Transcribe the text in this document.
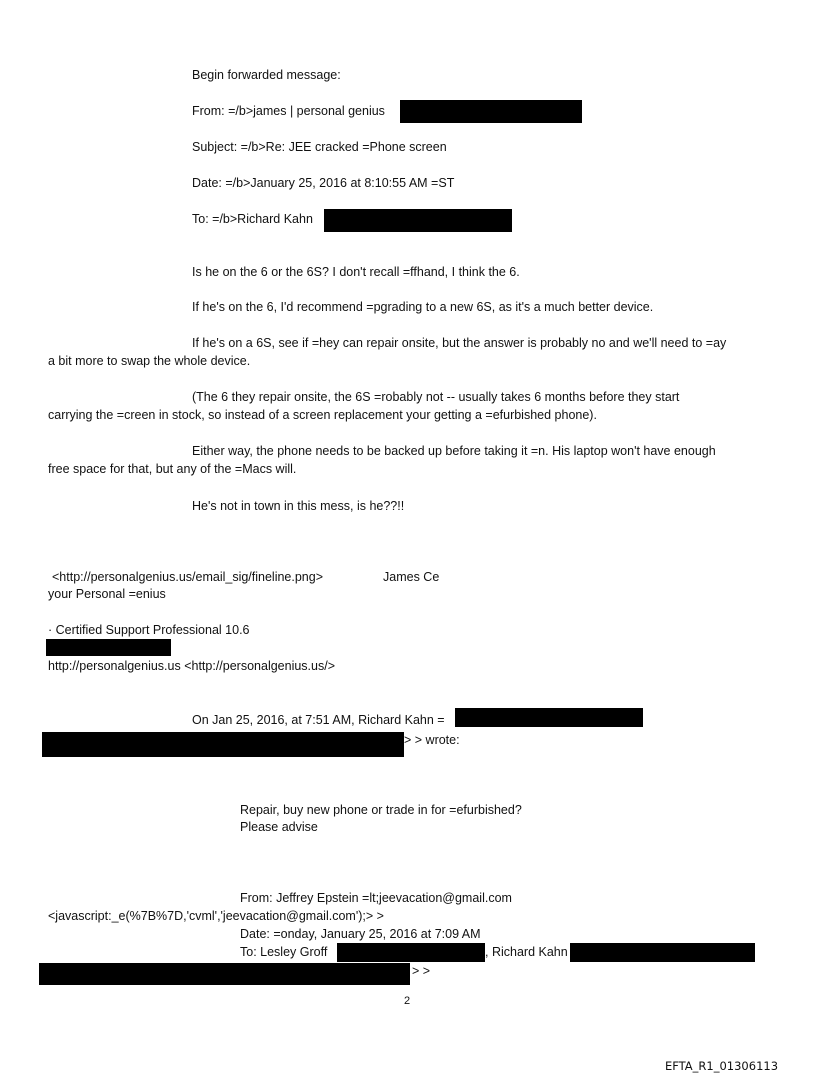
Begin forwarded message:
From: =/b>james | personal genius
Subject: =/b>Re: JEE cracked =Phone screen
Date: =/b>January 25, 2016 at 8:10:55 AM =ST
To: =/b>Richard Kahn
Is he on the 6 or the 6S? I don't recall =ffhand, I think the 6.
If he's on the 6, I'd recommend =pgrading to a new 6S, as it's a much better device.
If he's on a 6S, see if =hey can repair onsite, but the answer is probably no and we'll need to =ay
a bit more to swap the whole device.
(The 6 they repair onsite, the 6S =robably not -- usually takes 6 months before they start
carrying the =creen in stock, so instead of a screen replacement your getting a =efurbished phone).
Either way, the phone needs to be backed up before taking it =n. His laptop won't have enough
free space for that, but any of the =Macs will.
He's not in town in this mess, is he??!!
<http://personalgenius.us/email_sig/fineline.png>	James Ce
your Personal =enius
· Certified Support Professional 10.6
http://personalgenius.us <http://personalgenius.us/>
On Jan 25, 2016, at 7:51 AM, Richard Kahn =
> > wrote:
Repair, buy new phone or trade in for =efurbished?
Please advise
From: Jeffrey Epstein =lt;jeevacation@gmail.com
<javascript:_e(%7B%7D,'cvml','jeevacation@gmail.com');> >
Date: =onday, January 25, 2016 at 7:09 AM
To: Lesley Groff	, Richard Kahn
> >
2
EFTA_R1_01306113
